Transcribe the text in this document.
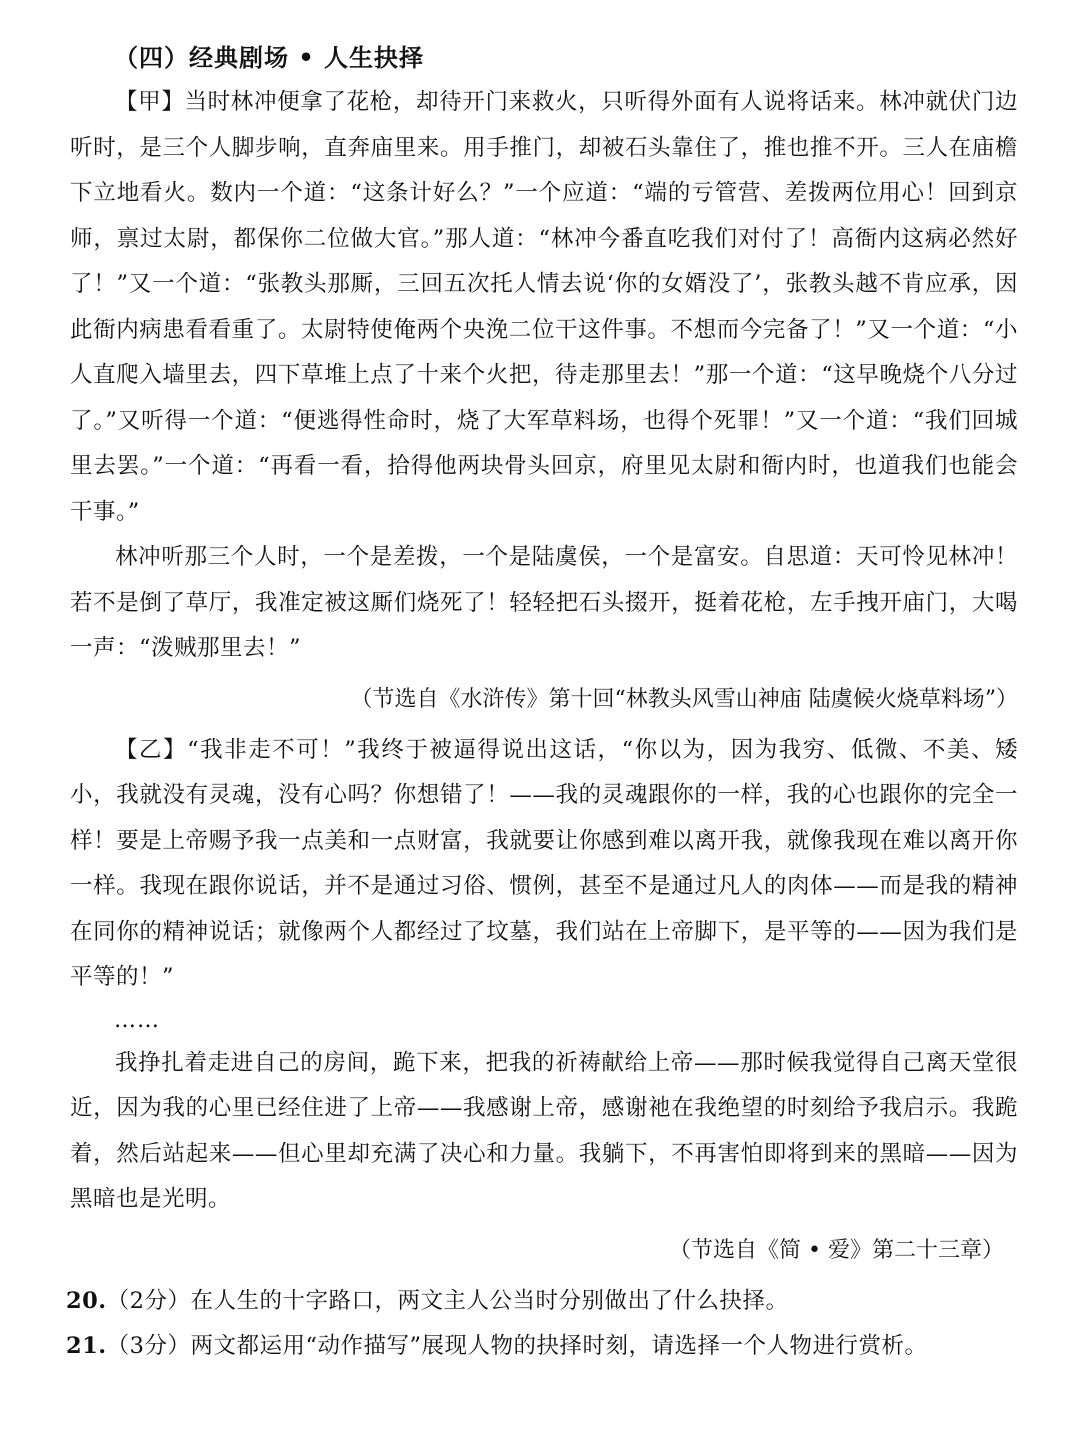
（四）经典剧场 • 人生抉择

【甲】当时林冲便拿了花枪，却待开门来救火，只听得外面有人说将话来。林冲就伏门边听时，是三个人脚步响，直奔庙里来。用手推门，却被石头靠住了，推也推不开。三人在庙檐下立地看火。数内一个道：“这条计好么？”一个应道：“端的亏管营、差拨两位用心！回到京师，禀过太尉，都保你二位做大官。”那人道：“林冲今番直吃我们对付了！高衙内这病必然好了！”又一个道：“张教头那厮，三回五次托人情去说‘你的女婿没了’，张教头越不肯应承，因此衙内病患看看重了。太尉特使俺两个央浼二位干这件事。不想而今完备了！”又一个道：“小人直爬入墙里去，四下草堆上点了十来个火把，待走那里去！”那一个道：“这早晚烧个八分过了。”又听得一个道：“便逃得性命时，烧了大军草料场，也得个死罪！”又一个道：“我们回城里去罢。”一个道：“再看一看，拾得他两块骨头回京，府里见太尉和衙内时，也道我们也能会干事。”

林冲听那三个人时，一个是差拨，一个是陆虞侯，一个是富安。自思道：天可怜见林冲！若不是倒了草厅，我准定被这厮们烧死了！轻轻把石头掇开，挺着花枪，左手拽开庙门，大喝一声：“泼贼那里去！”

（节选自《水浒传》第十回“林教头风雪山神庙 陆虞候火烧草料场”）

【乙】“我非走不可！”我终于被逼得说出这话，“你以为，因为我穷、低微、不美、矮小，我就没有灵魂，没有心吗？你想错了！——我的灵魂跟你的一样，我的心也跟你的完全一样！要是上帝赐予我一点美和一点财富，我就要让你感到难以离开我，就像我现在难以离开你一样。我现在跟你说话，并不是通过习俗、惯例，甚至不是通过凡人的肉体——而是我的精神在同你的精神说话；就像两个人都经过了坟墓，我们站在上帝脚下，是平等的——因为我们是平等的！”

……

我挣扎着走进自己的房间，跪下来，把我的祈祷献给上帝——那时候我觉得自己离天堂很近，因为我的心里已经住进了上帝——我感谢上帝，感谢祂在我绝望的时刻给予我启示。我跪着，然后站起来——但心里却充满了决心和力量。我躺下，不再害怕即将到来的黑暗——因为黑暗也是光明。

（节选自《简 • 爱》第二十三章）

20.（2分）在人生的十字路口，两文主人公当时分别做出了什么抉择。

21.（3分）两文都运用“动作描写”展现人物的抉择时刻，请选择一个人物进行赏析。
